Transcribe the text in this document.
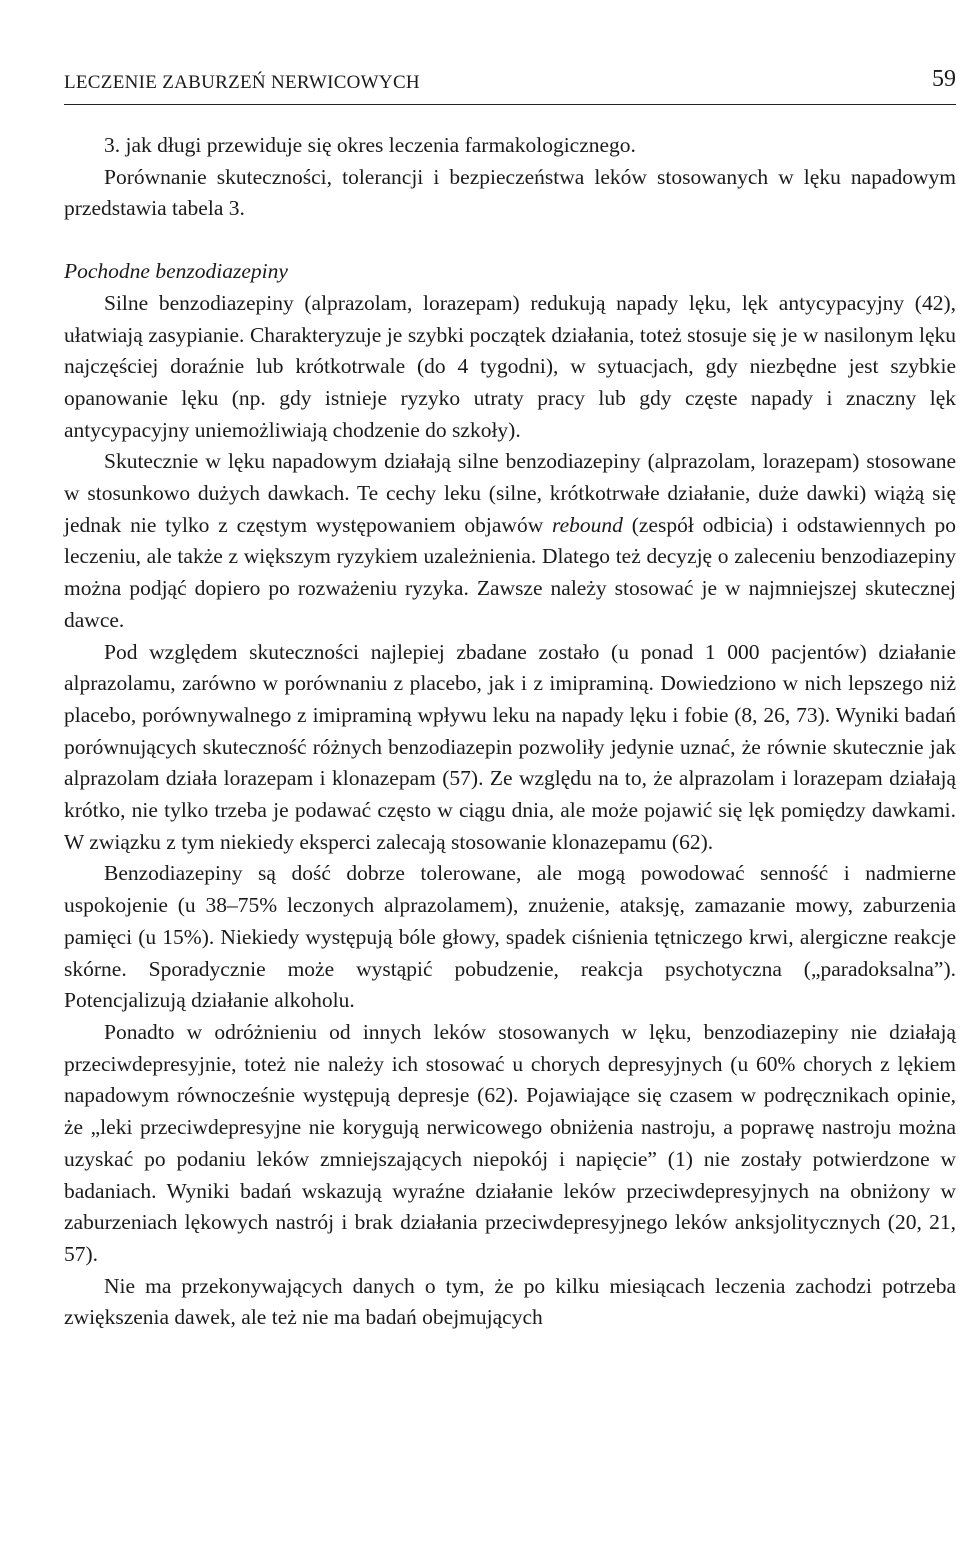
LECZENIE ZABURZEŃ NERWICOWYCH	59

3. jak długi przewiduje się okres leczenia farmakologicznego.

Porównanie skuteczności, tolerancji i bezpieczeństwa leków stosowanych w lęku napadowym przedstawia tabela 3.

Pochodne benzodiazepiny

Silne benzodiazepiny (alprazolam, lorazepam) redukują napady lęku, lęk antycypacyjny (42), ułatwiają zasypianie. Charakteryzuje je szybki początek działania, toteż stosuje się je w nasilonym lęku najczęściej doraźnie lub krótkotrwale (do 4 tygodni), w sytuacjach, gdy niezbędne jest szybkie opanowanie lęku (np. gdy istnieje ryzyko utraty pracy lub gdy częste napady i znaczny lęk antycypacyjny uniemożliwiają chodzenie do szkoły).

Skutecznie w lęku napadowym działają silne benzodiazepiny (alprazolam, lorazepam) stosowane w stosunkowo dużych dawkach. Te cechy leku (silne, krótkotrwałe działanie, duże dawki) wiążą się jednak nie tylko z częstym występowaniem objawów rebound (zespół odbicia) i odstawiennych po leczeniu, ale także z większym ryzykiem uzależnienia. Dlatego też decyzję o zaleceniu benzodiazepiny można podjąć dopiero po rozważeniu ryzyka. Zawsze należy stosować je w najmniejszej skutecznej dawce.

Pod względem skuteczności najlepiej zbadane zostało (u ponad 1 000 pacjentów) działanie alprazolamu, zarówno w porównaniu z placebo, jak i z imipraminą. Dowiedziono w nich lepszego niż placebo, porównywalnego z imipraminą wpływu leku na napady lęku i fobie (8, 26, 73). Wyniki badań porównujących skuteczność różnych benzodiazepin pozwoliły jedynie uznać, że równie skutecznie jak alprazolam działa lorazepam i klonazepam (57). Ze względu na to, że alprazolam i lorazepam działają krótko, nie tylko trzeba je podawać często w ciągu dnia, ale może pojawić się lęk pomiędzy dawkami. W związku z tym niekiedy eksperci zalecają stosowanie klonazepamu (62).

Benzodiazepiny są dość dobrze tolerowane, ale mogą powodować senność i nadmierne uspokojenie (u 38–75% leczonych alprazolamem), znużenie, ataksję, zamazanie mowy, zaburzenia pamięci (u 15%). Niekiedy występują bóle głowy, spadek ciśnienia tętniczego krwi, alergiczne reakcje skórne. Sporadycznie może wystąpić pobudzenie, reakcja psychotyczna („paradoksalna”). Potencjalizują działanie alkoholu.

Ponadto w odróżnieniu od innych leków stosowanych w lęku, benzodiazepiny nie działają przeciwdepresyjnie, toteż nie należy ich stosować u chorych depresyjnych (u 60% chorych z lękiem napadowym równocześnie występują depresje (62). Pojawiające się czasem w podręcznikach opinie, że „leki przeciwdepresyjne nie korygują nerwicowego obniżenia nastroju, a poprawę nastroju można uzyskać po podaniu leków zmniejszających niepokój i napięcie” (1) nie zostały potwierdzone w badaniach. Wyniki badań wskazują wyraźne działanie leków przeciwdepresyjnych na obniżony w zaburzeniach lękowych nastrój i brak działania przeciwdepresyjnego leków anksjolitycznych (20, 21, 57).

Nie ma przekonywających danych o tym, że po kilku miesiącach leczenia zachodzi potrzeba zwiększenia dawek, ale też nie ma badań obejmujących
